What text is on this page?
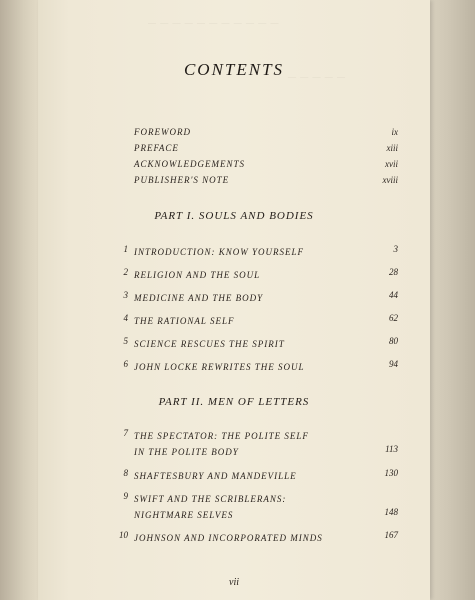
— — — — — — — — — — —
— — — — —
CONTENTS
FOREWORD	ix
PREFACE	xiii
ACKNOWLEDGEMENTS	xvii
PUBLISHER'S NOTE	xviii
PART I. SOULS AND BODIES
1 INTRODUCTION: KNOW YOURSELF	3
2 RELIGION AND THE SOUL	28
3 MEDICINE AND THE BODY	44
4 THE RATIONAL SELF	62
5 SCIENCE RESCUES THE SPIRIT	80
6 JOHN LOCKE REWRITES THE SOUL	94
PART II. MEN OF LETTERS
7 THE SPECTATOR: THE POLITE SELF
IN THE POLITE BODY	113
8 SHAFTESBURY AND MANDEVILLE	130
9 SWIFT AND THE SCRIBLERANS:
NIGHTMARE SELVES	148
10 JOHNSON AND INCORPORATED MINDS	167
vii
